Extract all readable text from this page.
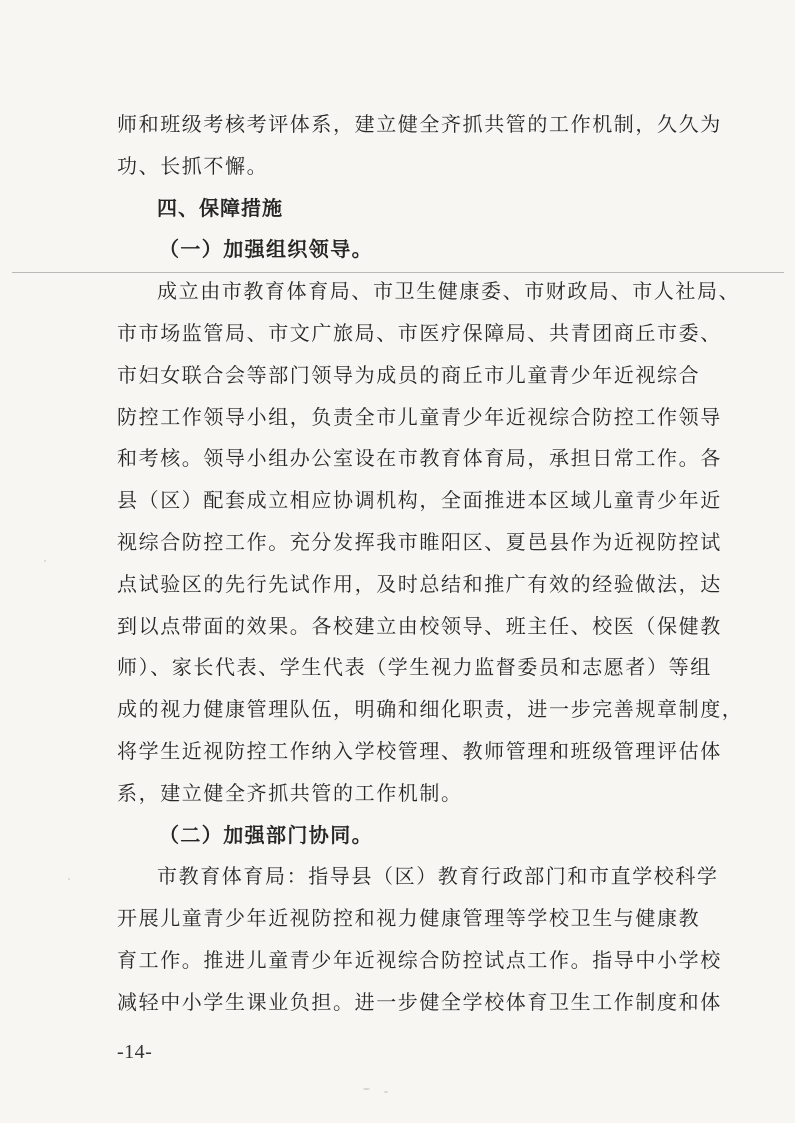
师和班级考核考评体系，建立健全齐抓共管的工作机制，久久为
功、长抓不懈。
四、保障措施
（一）加强组织领导。
成立由市教育体育局、市卫生健康委、市财政局、市人社局、
市市场监管局、市文广旅局、市医疗保障局、共青团商丘市委、
市妇女联合会等部门领导为成员的商丘市儿童青少年近视综合
防控工作领导小组，负责全市儿童青少年近视综合防控工作领导
和考核。领导小组办公室设在市教育体育局，承担日常工作。各
县（区）配套成立相应协调机构，全面推进本区域儿童青少年近
视综合防控工作。充分发挥我市睢阳区、夏邑县作为近视防控试
点试验区的先行先试作用，及时总结和推广有效的经验做法，达
到以点带面的效果。各校建立由校领导、班主任、校医（保健教
师）、家长代表、学生代表（学生视力监督委员和志愿者）等组
成的视力健康管理队伍，明确和细化职责，进一步完善规章制度，
将学生近视防控工作纳入学校管理、教师管理和班级管理评估体
系，建立健全齐抓共管的工作机制。
（二）加强部门协同。
市教育体育局：指导县（区）教育行政部门和市直学校科学
开展儿童青少年近视防控和视力健康管理等学校卫生与健康教
育工作。推进儿童青少年近视综合防控试点工作。指导中小学校
减轻中小学生课业负担。进一步健全学校体育卫生工作制度和体
-14-
